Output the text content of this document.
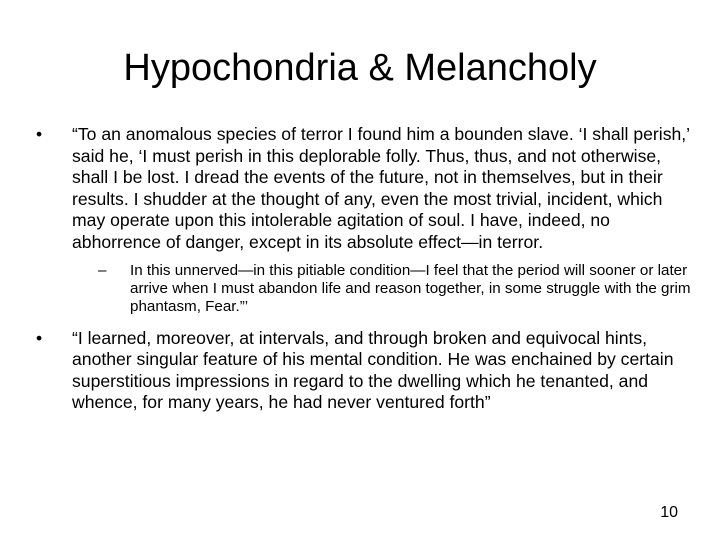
Hypochondria & Melancholy
•	“To an anomalous species of terror I found him a bounden slave. ‘I shall perish,’ said he, ‘I must perish in this deplorable folly. Thus, thus, and not otherwise, shall I be lost. I dread the events of the future, not in themselves, but in their results. I shudder at the thought of any, even the most trivial, incident, which may operate upon this intolerable agitation of soul. I have, indeed, no abhorrence of danger, except in its absolute effect—in terror.
– In this unnerved—in this pitiable condition—I feel that the period will sooner or later arrive when I must abandon life and reason together, in some struggle with the grim phantasm, Fear.”’
•	“I learned, moreover, at intervals, and through broken and equivocal hints, another singular feature of his mental condition. He was enchained by certain superstitious impressions in regard to the dwelling which he tenanted, and whence, for many years, he had never ventured forth”
10
